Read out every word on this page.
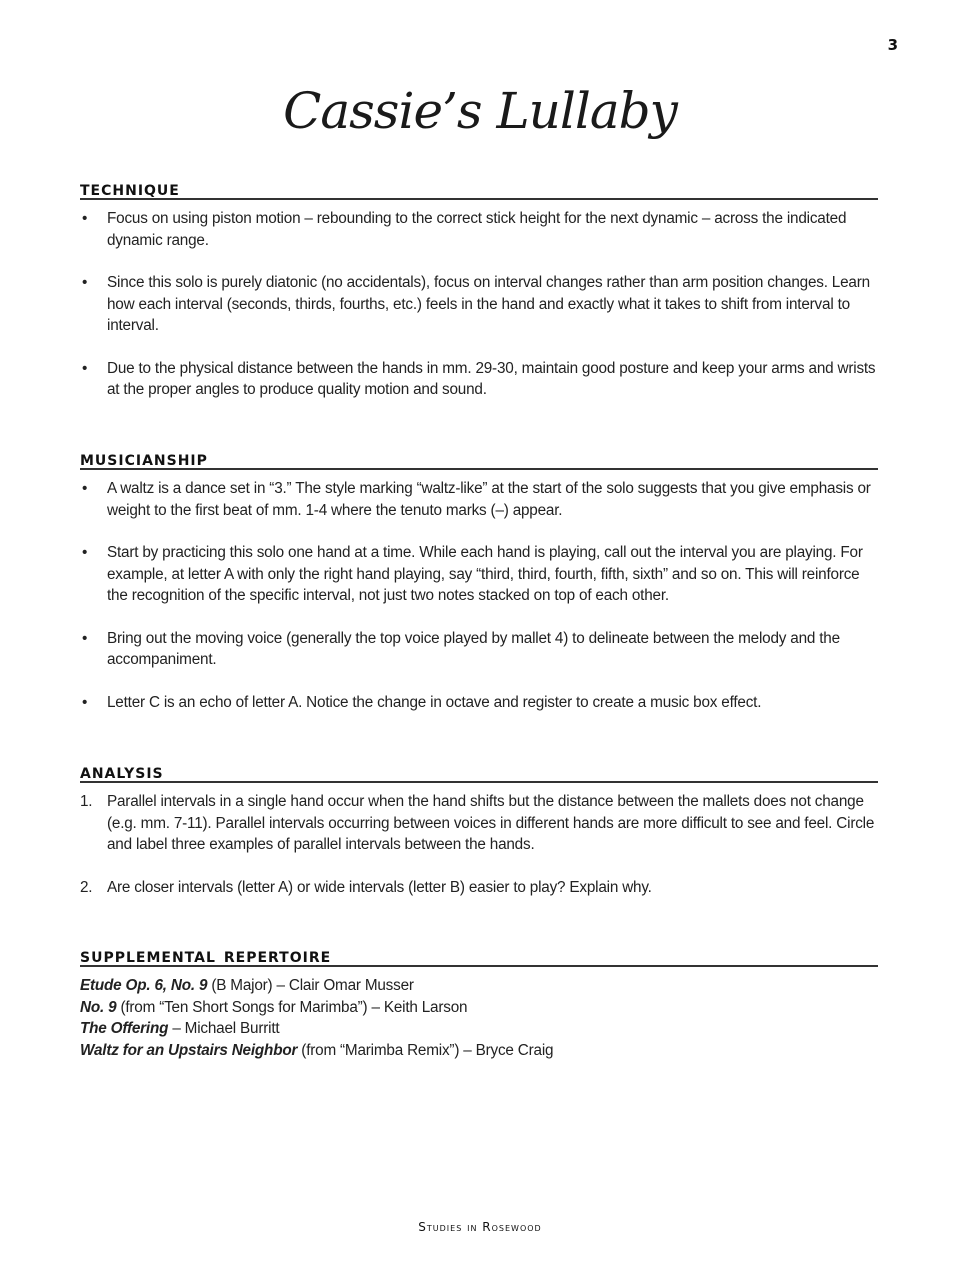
3
Cassie’s Lullaby
technique
• Focus on using piston motion – rebounding to the correct stick height for the next dynamic – across the indicated dynamic range.
• Since this solo is purely diatonic (no accidentals), focus on interval changes rather than arm position changes. Learn how each interval (seconds, thirds, fourths, etc.) feels in the hand and exactly what it takes to shift from interval to interval.
• Due to the physical distance between the hands in mm. 29-30, maintain good posture and keep your arms and wrists at the proper angles to produce quality motion and sound.
musicianship
• A waltz is a dance set in “3.” The style marking “waltz-like” at the start of the solo suggests that you give emphasis or weight to the first beat of mm. 1-4 where the tenuto marks (–) appear.
• Start by practicing this solo one hand at a time. While each hand is playing, call out the interval you are playing. For example, at letter A with only the right hand playing, say “third, third, fourth, fifth, sixth” and so on. This will reinforce the recognition of the specific interval, not just two notes stacked on top of each other.
• Bring out the moving voice (generally the top voice played by mallet 4) to delineate between the melody and the accompaniment.
• Letter C is an echo of letter A. Notice the change in octave and register to create a music box effect.
analysis
1. Parallel intervals in a single hand occur when the hand shifts but the distance between the mallets does not change (e.g. mm. 7-11). Parallel intervals occurring between voices in different hands are more difficult to see and feel. Circle and label three examples of parallel intervals between the hands.
2. Are closer intervals (letter A) or wide intervals (letter B) easier to play? Explain why.
supplemental repertoire
Etude Op. 6, No. 9 (B Major) – Clair Omar Musser
No. 9 (from “Ten Short Songs for Marimba”) – Keith Larson
The Offering – Michael Burritt
Waltz for an Upstairs Neighbor (from “Marimba Remix”) – Bryce Craig
Studies in Rosewood
